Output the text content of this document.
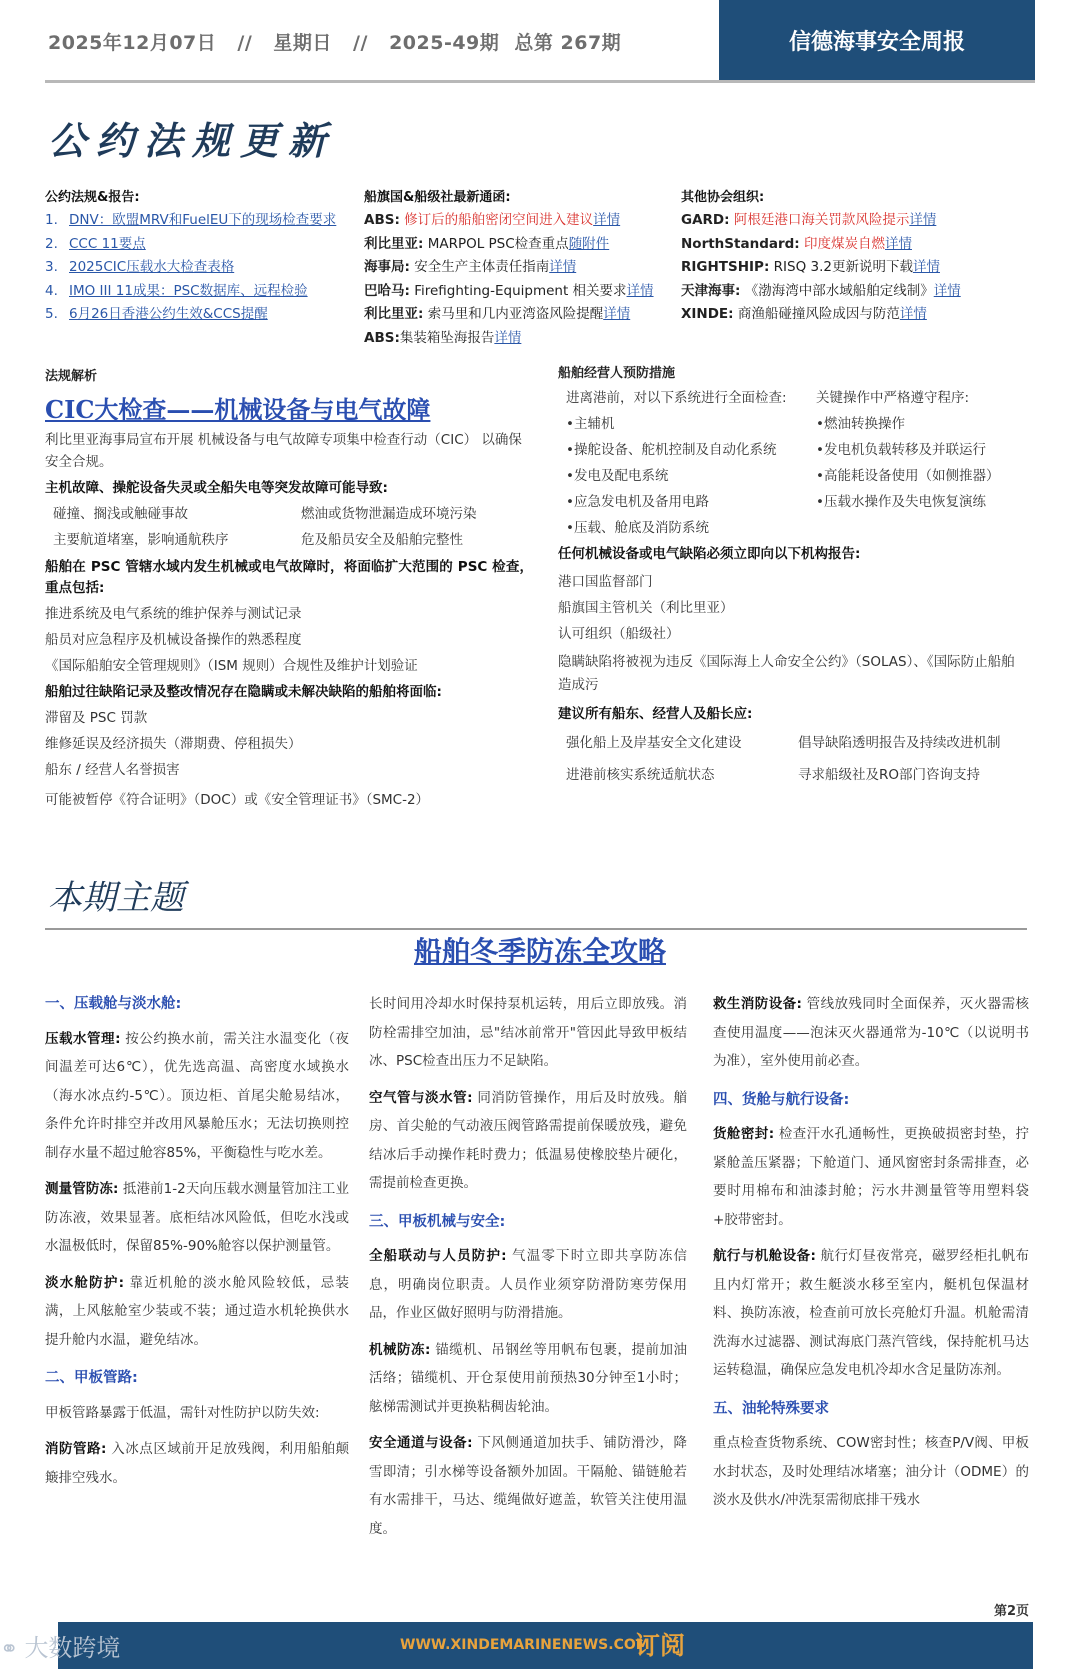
2025年12月07日 // 星期日 // 2025-49期 总第 267期	信德海事安全周报
公约法规更新
公约法规&报告:
1. DNV：欧盟MRV和FuelEU下的现场检查要求
2. CCC 11要点
3. 2025CIC压载水大检查表格
4. IMO III 11成果：PSC数据库、远程检验
5. 6月26日香港公约生效&CCS提醒
船旗国&船级社最新通函:
ABS: 修订后的船舶密闭空间进入建议详情
利比里亚: MARPOL PSC检查重点随附件
海事局: 安全生产主体责任指南详情
巴哈马: Firefighting-Equipment 相关要求详情
利比里亚: 索马里和几内亚湾盗风险提醒详情
ABS:集装箱坠海报告详情
其他协会组织:
GARD: 阿根廷港口海关罚款风险提示详情
NorthStandard: 印度煤炭自燃详情
RIGHTSHIP: RISQ 3.2更新说明下载详情
天津海事: 《渤海湾中部水域船舶定线制》详情
XINDE: 商渔船碰撞风险成因与防范详情
法规解析
CIC大检查——机械设备与电气故障
利比里亚海事局宣布开展 机械设备与电气故障专项集中检查行动（CIC） 以确保安全合规。
主机故障、操舵设备失灵或全船失电等突发故障可能导致:
碰撞、搁浅或触碰事故	燃油或货物泄漏造成环境污染
主要航道堵塞，影响通航秩序	危及船员安全及船舶完整性
船舶在 PSC 管辖水域内发生机械或电气故障时，将面临扩大范围的 PSC 检查，重点包括:
推进系统及电气系统的维护保养与测试记录
船员对应急程序及机械设备操作的熟悉程度
《国际船舶安全管理规则》（ISM 规则）合规性及维护计划验证
船舶过往缺陷记录及整改情况存在隐瞒或未解决缺陷的船舶将面临:
滞留及 PSC 罚款
维修延误及经济损失（滞期费、停租损失）
船东 / 经营人名誉损害
可能被暂停《符合证明》（DOC）或《安全管理证书》（SMC-2）
船舶经营人预防措施
进离港前，对以下系统进行全面检查:
•主辅机
•操舵设备、舵机控制及自动化系统
•发电及配电系统
•应急发电机及备用电路
•压载、舱底及消防系统
关键操作中严格遵守程序:
•燃油转换操作
•发电机负载转移及并联运行
•高能耗设备使用（如侧推器）
•压载水操作及失电恢复演练
任何机械设备或电气缺陷必须立即向以下机构报告:
港口国监督部门
船旗国主管机关（利比里亚）
认可组织（船级社）
隐瞒缺陷将被视为违反《国际海上人命安全公约》（SOLAS）、《国际防止船舶造成污
建议所有船东、经营人及船长应:
强化船上及岸基安全文化建设	倡导缺陷透明报告及持续改进机制
进港前核实系统适航状态	寻求船级社及RO部门咨询支持
本期主题
船舶冬季防冻全攻略
一、压载舱与淡水舱:
压载水管理: 按公约换水前，需关注水温变化（夜间温差可达6℃），优先选高温、高密度水域换水（海水冰点约-5℃）。顶边柜、首尾尖舱易结冰，条件允许时排空并改用风暴舱压水；无法切换则控制存水量不超过舱容85%，平衡稳性与吃水差。
测量管防冻: 抵港前1-2天向压载水测量管加注工业防冻液，效果显著。底柜结冰风险低，但吃水浅或水温极低时，保留85%-90%舱容以保护测量管。
淡水舱防护: 靠近机舱的淡水舱风险较低，忌装满，上风舷舱室少装或不装；通过造水机轮换供水提升舱内水温，避免结冰。
二、甲板管路:
甲板管路暴露于低温，需针对性防护以防失效:
消防管路: 入冰点区域前开足放残阀，利用船舶颠簸排空残水。
长时间用冷却水时保持泵机运转，用后立即放残。消防栓需排空加油，忌"结冰前常开"管因此导致甲板结冰、PSC检查出压力不足缺陷。
空气管与淡水管: 同消防管操作，用后及时放残。艏房、首尖舱的气动液压阀管路需提前保暖放残，避免结冰后手动操作耗时费力；低温易使橡胶垫片硬化，需提前检查更换。
三、甲板机械与安全:
全船联动与人员防护: 气温零下时立即共享防冻信息，明确岗位职责。人员作业须穿防滑防寒劳保用品，作业区做好照明与防滑措施。
机械防冻: 锚缆机、吊钢丝等用帆布包裹，提前加油活络；锚缆机、开仓泵使用前预热30分钟至1小时；舷梯需测试并更换粘稠齿轮油。
安全通道与设备: 下风侧通道加扶手、铺防滑沙，降雪即清；引水梯等设备额外加固。干隔舱、锚链舱若有水需排干，马达、缆绳做好遮盖，软管关注使用温度。
救生消防设备: 管线放残同时全面保养，灭火器需核查使用温度——泡沫灭火器通常为-10℃（以说明书为准），室外使用前必查。
四、货舱与航行设备:
货舱密封: 检查汗水孔通畅性，更换破损密封垫，拧紧舱盖压紧器；下舱道门、通风窗密封条需排查，必要时用棉布和油漆封舱；污水井测量管等用塑料袋+胶带密封。
航行与机舱设备: 航行灯昼夜常亮，磁罗经柜扎帆布且内灯常开；救生艇淡水移至室内，艇机包保温材料、换防冻液，检查前可放长亮舱灯升温。机舱需清洗海水过滤器、测试海底门蒸汽管线，保持舵机马达运转稳温，确保应急发电机冷却水含足量防冻剂。
五、油轮特殊要求
重点检查货物系统、COW密封性；核查P/V阀、甲板水封状态，及时处理结冰堵塞；油分计（ODME）的淡水及供水/冲洗泵需彻底排干残水
第2页
⚭ 大数跨境	WWW.XINDEMARINENEWS.COM
订阅
